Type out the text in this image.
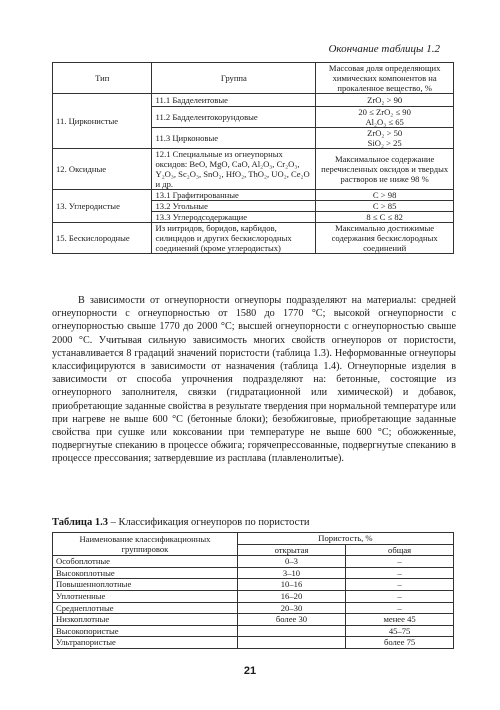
Окончание таблицы 1.2
Тип	Группа	Массовая доля определяющих химических компонентов на прокаленное вещество, %
11. Цирконистые	11.1 Бадделеитовые	ZrO₂ > 90

	11.2 Бадделеитокорундовые	20 ≤ ZrO₂ ≤ 90
Al₂O₃ ≤ 65

	11.3 Цирконовые	ZrO₂ > 50
SiO₂ > 25

12. Оксидные	12.1 Специальные из огнеупорных оксидов: BeO, MgO, CaO, Al₂O₃, Cr₂O₃, Y₂O₃, Sc₂O₃, SnO₂, HfO₂, ThO₂, UO₂, Ce₂O и др.	Максимальное содержание перечисленных оксидов и твердых растворов не ниже 98 %
13. Углеродистые	13.1 Графитированные	C > 98
	13.2 Угольные	C > 85
	13.3 Углеродсодержащие	8 ≤ C ≤ 82
15. Бескислородные	Из нитридов, боридов, карбидов, силицидов и других бескислородных соединений (кроме углеродистых)	Максимально достижимые содержания бескислородных соединений

В зависимости от огнеупорности огнеупоры подразделяют на материалы: средней огнеупорности с огнеупорностью от 1580 до 1770 °С; высокой огнеупорности с огнеупорностью свыше 1770 до 2000 °С; высшей огнеупорности с огнеупорностью свыше 2000 °С. Учитывая сильную зависимость многих свойств огнеупоров от пористости, устанавливается 8 градаций значений пористости (таблица 1.3). Неформованные огнеупоры классифицируются в зависимости от назначения (таблица 1.4). Огнеупорные изделия в зависимости от способа упрочнения подразделяют на: бетонные, состоящие из огнеупорного заполнителя, связки (гидратационной или химической) и добавок, приобретающие заданные свойства в результате твердения при нормальной температуре или при нагреве не выше 600 °С (бетонные блоки); безобжиговые, приобретающие заданные свойства при сушке или коксовании при температуре не выше 600 °С; обожженные, подвергнутые спеканию в процессе обжига; горячепрессованные, подвергнутые спеканию в процессе прессования; затвердевшие из расплава (плавленолитые).

Таблица 1.3 – Классификация огнеупоров по пористости
Наименование классификационных группировок	Пористость, %	
	открытая	общая
Особоплотные	0–3	–
Высокоплотные	3–10	–
Повышенноплотные	10–16	–
Уплотненные	16–20	–
Среднеплотные	20–30	–
Низкоплотные	более 30	менее 45
Высокопористые		45–75
Ультрапористые		более 75
21
